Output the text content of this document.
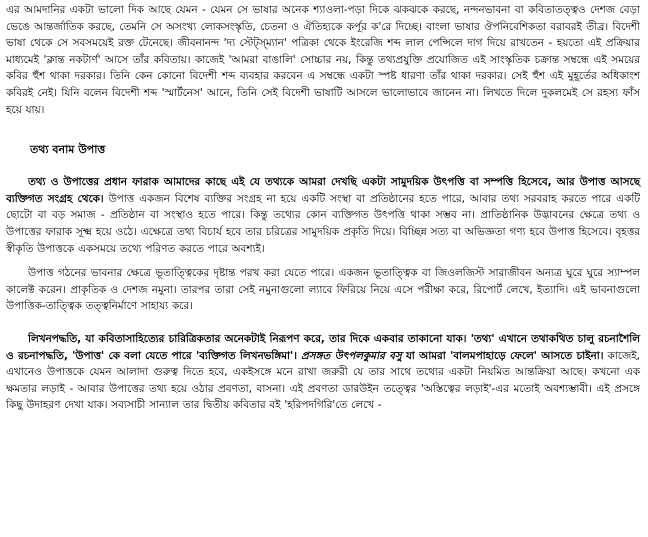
এর আমদানির একটা ভালো দিক আছে যেমন - যেমন সে ভাষার অনেক শ্যাওলা-পড়া দিকে ঝকঝকে করছে, নন্দনভাবনা বা কবিতাতত্ত্বও দেশজ বেড়া ভেঙে আন্তর্জাতিক করছে, তেমনি সে অসংখ্য লোকসংস্কৃতি, চেতনা ও ঐতিহ্যকে কর্পূর ক'রে দিচ্ছে। বাংলা ভাষার ঔপনিবেশিকতা বরাবরই তীব্র। বিদেশী ভাষা থেকে সে সবসময়েই রক্ত টেনেছে। জীবনানন্দ 'দ্য স্টেট্‌স্‌ম্যান' পত্রিকা থেকে ইংরেজি শব্দ লাল পেন্সিলে দাগ দিয়ে রাখতেন - হয়তো এই প্রক্রিয়ার মাধ্যমেই 'ক্লান্ত নকটার্ণ' আসে তাঁর কবিতায়। কাজেই 'আমরা বাঙালি' সোচ্চার নয়, কিন্তু তথ্যপ্রযুক্তি প্রযোজিত এই সাংস্কৃতিক চক্রান্ত সম্বন্ধে এই সময়ের কবির হুঁশ থাকা দরকার। তিনি কেন কোনো বিদেশী শব্দ ব্যবহার করবেন এ সম্বন্ধে একটা স্পষ্ট ধারণা তাঁর থাকা দরকার। সেই হুঁশ এই মুহূর্তের অধিকাংশ কবিরই নেই। যিনি বলেন বিদেশী শব্দ 'স্মার্টনেস' আনে, তিনি সেই বিদেশী ভাষাটি আসলে ভালোভাবে জানেন না। লিখতে দিলে দুকলমেই সে রহস্য ফাঁস হয়ে যায়।

তথ্য বনাম উপাত্ত

তথ্য ও উপাত্তের প্রধান ফারাক আমাদের কাছে এই যে তথ্যকে আমরা দেখছি একটা সামুদয়িক উৎপত্তি বা সম্পত্তি হিসেবে, আর উপাত্ত আসছে ব্যক্তিগত সংগ্রহ থেকে। উপাত্ত একজন বিশেষ ব্যক্তির সংগ্রহ না হয়ে একটি সংস্থা বা প্রতিষ্ঠানের হতে পারে, আবার তথ্য সরবরাহ করতে পারে একটি ছোটো বা বড় সমাজ - প্রতিষ্ঠান বা সংস্থাও হতে পারে। কিন্তু তথ্যের কোন ব্যক্তিগত উৎপত্তি থাকা সম্ভব না। প্রাতিষ্ঠানিক উদ্ভাবনের ক্ষেত্রে তথ্য ও উপাত্তের ফারাক সূক্ষ্ম হয়ে ওঠে। এক্ষেত্রে তথ্য বিচার্য হবে তার চরিত্রের সামুদয়িক প্রকৃতি দিয়ে। বিচ্ছিন্ন সত্য বা অভিজ্ঞতা গণ্য হবে উপাত্ত হিসেবে। বৃহত্তর স্বীকৃতি উপাত্তকে একসময়ে তথ্যে পরিণত করতে পারে অবশ্যই।

উপাত্ত গঠনের ভাবনার ক্ষেত্রে ভূতাত্ত্বিকের দৃষ্টান্ত পরখ করা যেতে পারে। একজন ভূতাত্ত্বিক বা জিওলজিস্ট সারাজীবন অন্যত্র ঘুরে ঘুরে স্যাম্পল কালেক্ট করেন। প্রাকৃতিক ও দেশজ নমুনা। তারপর তারা সেই নমুনাগুলো ল্যাবে ফিরিয়ে নিয়ে এসে পরীক্ষা করে, রিপোর্ট লেখে, ইত্যাদি। এই ভাবনাগুলো উপাত্তিক-তাত্ত্বিক তত্ত্বনির্মাণে সাহায্য করে।

লিখনপদ্ধতি, যা কবিতাসাহিত্যের চারিত্রিকতার অনেকটাই নিরূপণ করে, তার দিকে একবার তাকানো যাক। 'তথ্য' এখানে তথাকথিত চালু রচনাশৈলি ও রচনাপদ্ধতি, 'উপাত্ত' কে বলা যেতে পারে 'ব্যক্তিগত লিখনভঙ্গিমা'। প্রসঙ্গত উৎপলকুমার বসু যা আমরা 'বালমপাহাড়ে ফেলে' আসতে চাইনা। কাজেই, এখানেও উপাত্তকে যেমন আলাদা গুরুত্ব দিতে হবে, একইসঙ্গে মনে রাখা জরুরী যে তার সাথে তথ্যের একটা নিয়মিত আন্তক্রিয়া আছে। কখনো এক ক্ষমতার লড়াই - আবার উপাত্তের তথ্য হয়ে ওঠার প্রবণতা, বাসনা। এই প্রবণতা ডারউইন তত্ত্বের 'অস্তিত্বের লড়াই'-এর মতোই অবশ্যম্ভাবী। এই প্রসঙ্গে কিছু উদাহরণ দেখা যাক। সব্যসাচী সান্যাল তার দ্বিতীয় কবিতার বই 'হরিপদগিরি'তে লেখে -
